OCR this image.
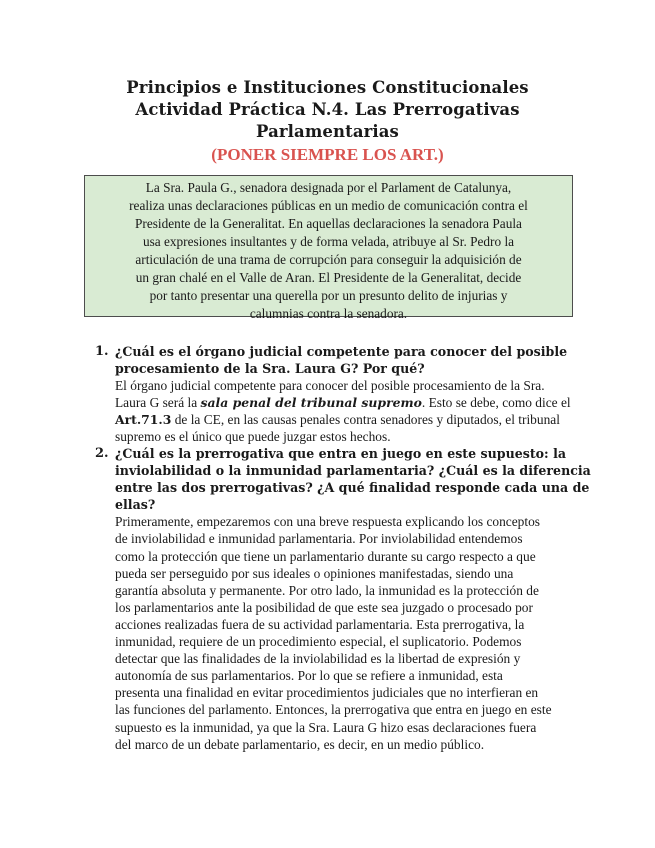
Principios e Instituciones Constitucionales
Actividad Práctica N.4. Las Prerrogativas
Parlamentarias
(PONER SIEMPRE LOS ART.)

La Sra. Paula G., senadora designada por el Parlament de Catalunya,

realiza unas declaraciones públicas en un medio de comunicación contra el

Presidente de la Generalitat. En aquellas declaraciones la senadora Paula

usa expresiones insultantes y de forma velada, atribuye al Sr. Pedro la

articulación de una trama de corrupción para conseguir la adquisición de

un gran chalé en el Valle de Aran. El Presidente de la Generalitat, decide

por tanto presentar una querella por un presunto delito de injurias y

calumnias contra la senadora.

1. ¿Cuál es el órgano judicial competente para conocer del posible
procesamiento de la Sra. Laura G? Por qué?
El órgano judicial competente para conocer del posible procesamiento de la Sra.
Laura G será la sala penal del tribunal supremo. Esto se debe, como dice el
Art.71.3 de la CE, en las causas penales contra senadores y diputados, el tribunal
supremo es el único que puede juzgar estos hechos.
2. ¿Cuál es la prerrogativa que entra en juego en este supuesto: la
inviolabilidad o la inmunidad parlamentaria? ¿Cuál es la diferencia
entre las dos prerrogativas? ¿A qué finalidad responde cada una de
ellas?
Primeramente, empezaremos con una breve respuesta explicando los conceptos
de inviolabilidad e inmunidad parlamentaria. Por inviolabilidad entendemos
como la protección que tiene un parlamentario durante su cargo respecto a que
pueda ser perseguido por sus ideales o opiniones manifestadas, siendo una
garantía absoluta y permanente. Por otro lado, la inmunidad es la protección de
los parlamentarios ante la posibilidad de que este sea juzgado o procesado por
acciones realizadas fuera de su actividad parlamentaria. Esta prerrogativa, la
inmunidad, requiere de un procedimiento especial, el suplicatorio. Podemos
detectar que las finalidades de la inviolabilidad es la libertad de expresión y
autonomía de sus parlamentarios. Por lo que se refiere a inmunidad, esta
presenta una finalidad en evitar procedimientos judiciales que no interfieran en
las funciones del parlamento. Entonces, la prerrogativa que entra en juego en este
supuesto es la inmunidad, ya que la Sra. Laura G hizo esas declaraciones fuera
del marco de un debate parlamentario, es decir, en un medio público.
